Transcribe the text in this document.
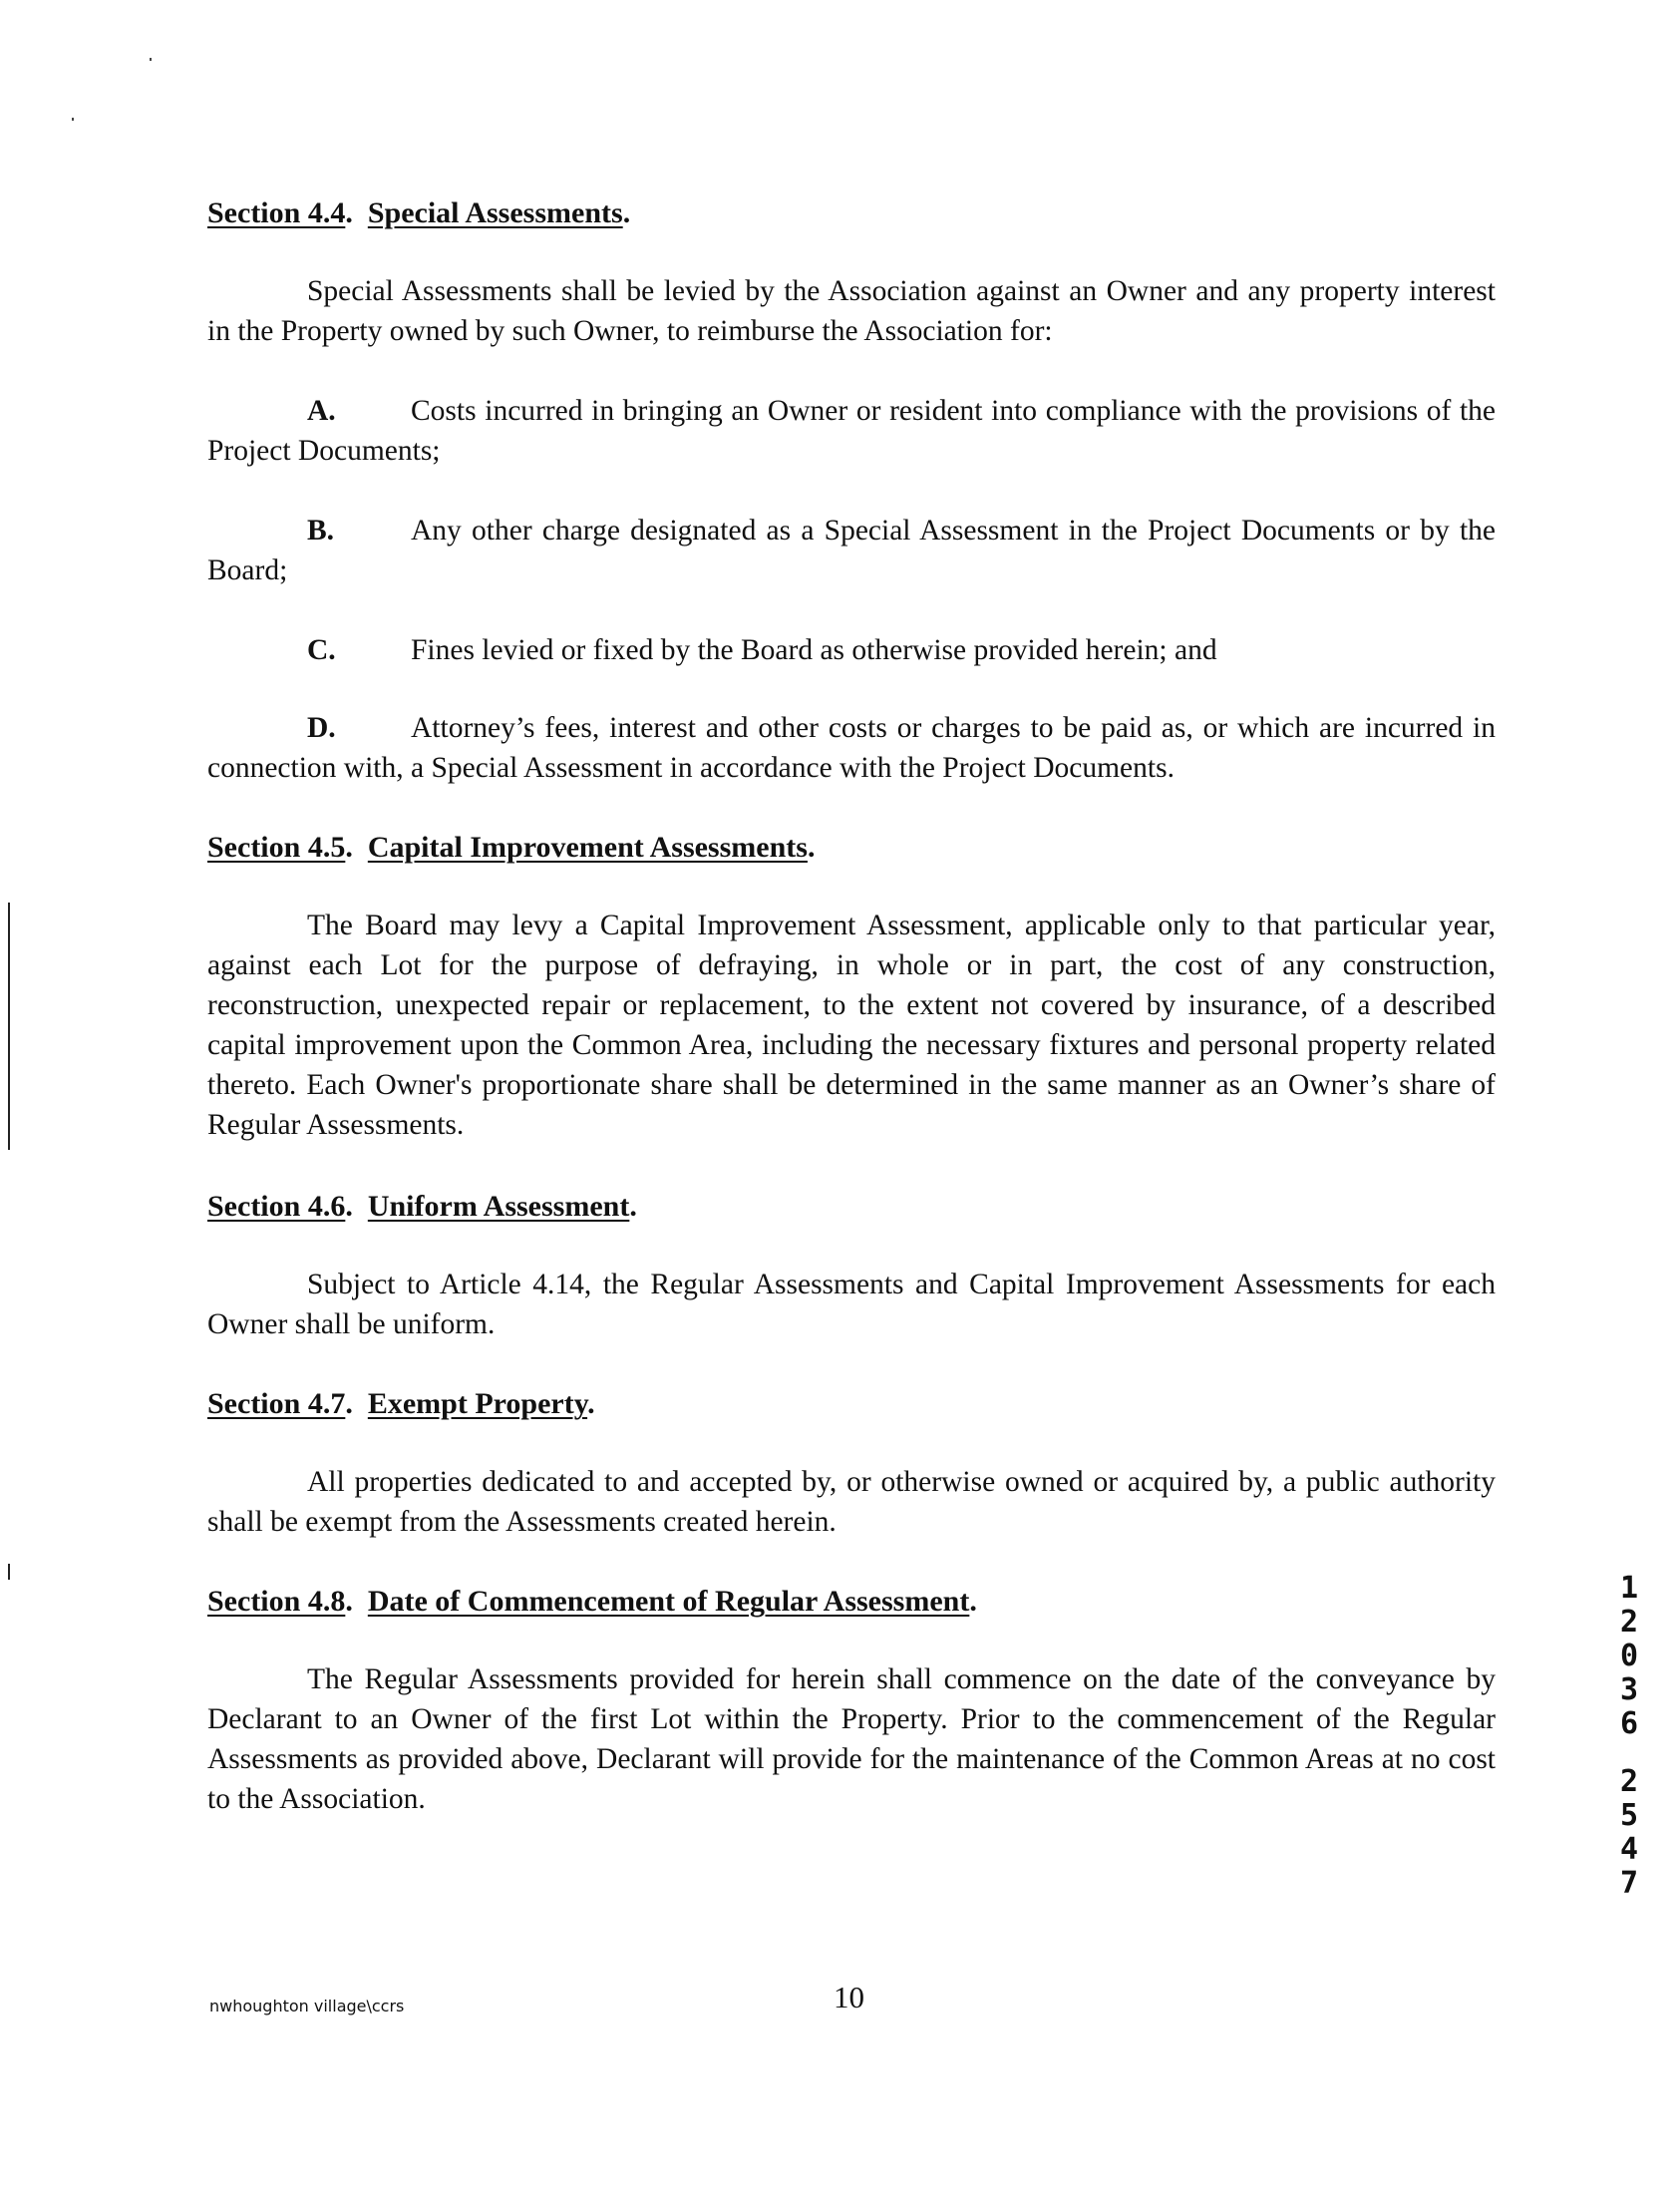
Section 4.4.  Special Assessments.

Special Assessments shall be levied by the Association against an Owner and any property interest in the Property owned by such Owner, to reimburse the Association for:

A.	Costs incurred in bringing an Owner or resident into compliance with the provisions of the Project Documents;

B.	Any other charge designated as a Special Assessment in the Project Documents or by the Board;

C.	Fines levied or fixed by the Board as otherwise provided herein; and

D.	Attorney’s fees, interest and other costs or charges to be paid as, or which are incurred in connection with, a Special Assessment in accordance with the Project Documents.

Section 4.5.  Capital Improvement Assessments.

The Board may levy a Capital Improvement Assessment, applicable only to that particular year, against each Lot for the purpose of defraying, in whole or in part, the cost of any construction, reconstruction, unexpected repair or replacement, to the extent not covered by insurance, of a described capital improvement upon the Common Area, including the necessary fixtures and personal property related thereto. Each Owner's proportionate share shall be determined in the same manner as an Owner’s share of Regular Assessments.

Section 4.6.  Uniform Assessment.

Subject to Article 4.14, the Regular Assessments and Capital Improvement Assessments for each Owner shall be uniform.

Section 4.7.  Exempt Property.

All properties dedicated to and accepted by, or otherwise owned or acquired by, a public authority shall be exempt from the Assessments created herein.

Section 4.8.  Date of Commencement of Regular Assessment.

The Regular Assessments provided for herein shall commence on the date of the conveyance by Declarant to an Owner of the first Lot within the Property. Prior to the commencement of the Regular Assessments as provided above, Declarant will provide for the maintenance of the Common Areas at no cost to the Association.

nwhoughton village\ccrs	10

1
2
0
3
6
2
5
4
7
